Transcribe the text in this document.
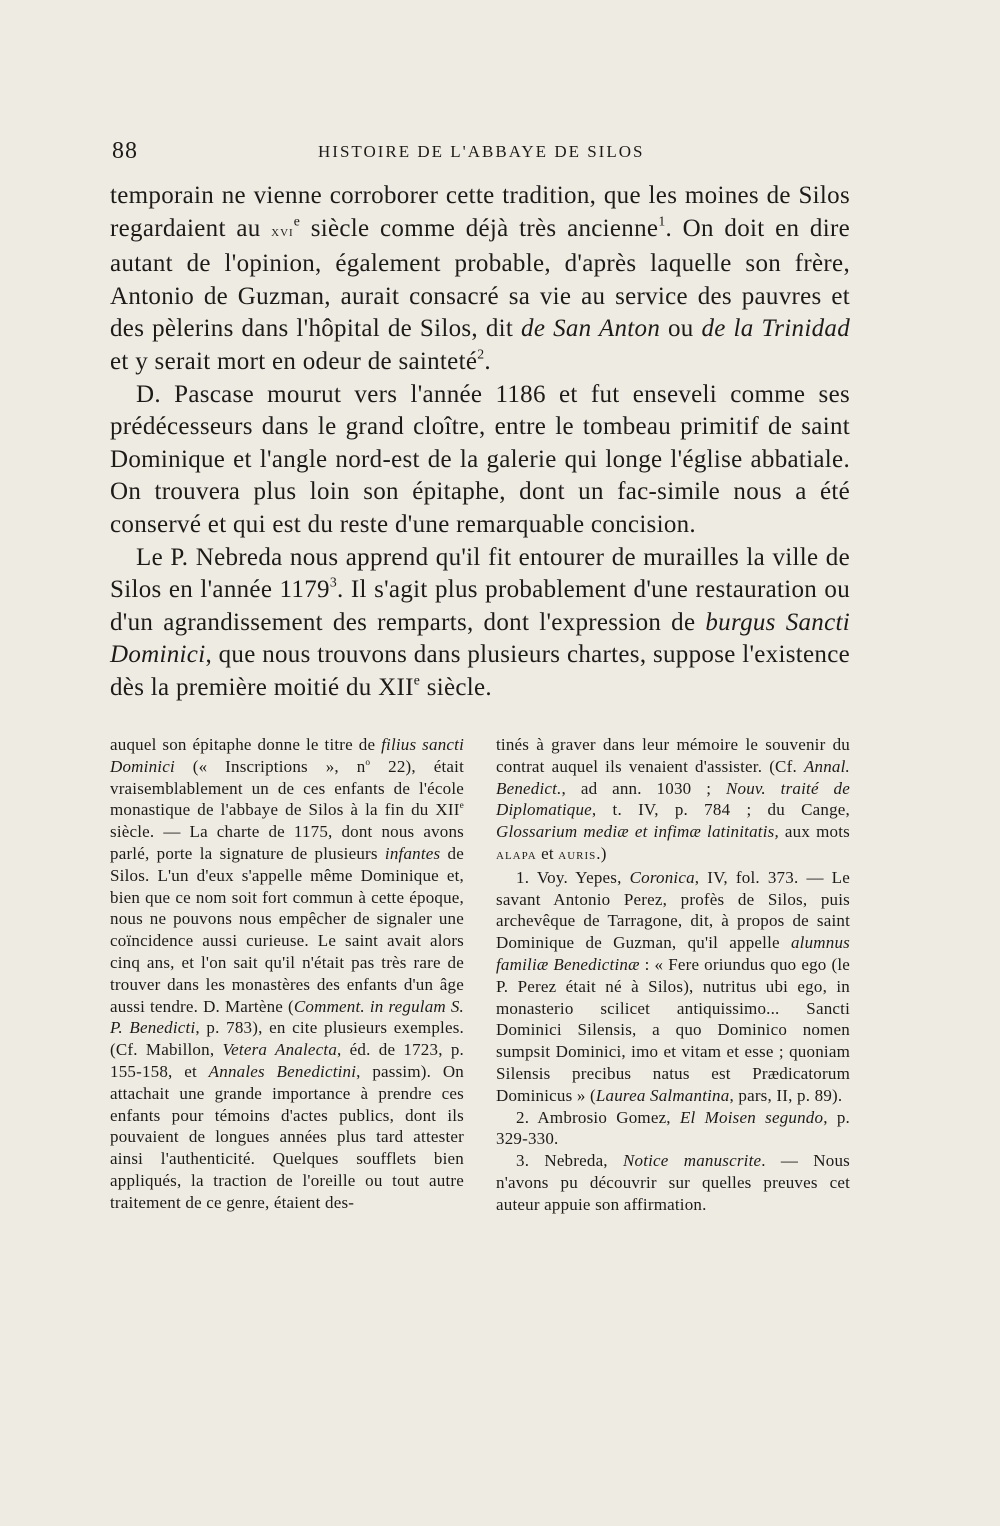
88	HISTOIRE DE L'ABBAYE DE SILOS

temporain ne vienne corroborer cette tradition, que les moines de Silos regardaient au xvi$^e$ siècle comme déjà très ancienne$^1$. On doit en dire autant de l'opinion, également probable, d'après laquelle son frère, Antonio de Guzman, aurait consacré sa vie au service des pauvres et des pèlerins dans l'hôpital de Silos, dit de San Anton ou de la Trinidad et y serait mort en odeur de sainteté$^2$.

D. Pascase mourut vers l'année 1186 et fut enseveli comme ses prédécesseurs dans le grand cloître, entre le tombeau primitif de saint Dominique et l'angle nord-est de la galerie qui longe l'église abbatiale. On trouvera plus loin son épitaphe, dont un fac-simile nous a été conservé et qui est du reste d'une remarquable concision.

Le P. Nebreda nous apprend qu'il fit entourer de murailles la ville de Silos en l'année 1179$^3$. Il s'agit plus probablement d'une restauration ou d'un agrandissement des remparts, dont l'expression de burgus Sancti Dominici, que nous trouvons dans plusieurs chartes, suppose l'existence dès la première moitié du XIIe siècle.

auquel son épitaphe donne le titre de filius sancti Dominici (« Inscriptions », $n^o$ 22), était vraisemblablement un de ces enfants de l'école monastique de l'abbaye de Silos à la fin du XIIe siècle. — La charte de 1175, dont nous avons parlé, porte la signature de plusieurs infantes de Silos. L'un d'eux s'appelle même Dominique et, bien que ce nom soit fort commun à cette époque, nous ne pouvons nous empêcher de signaler une coïncidence aussi curieuse. Le saint avait alors cinq ans, et l'on sait qu'il n'était pas très rare de trouver dans les monastères des enfants d'un âge aussi tendre. D. Martène (Comment. in regulam S. P. Benedicti, p. 783), en cite plusieurs exemples. (Cf. Mabillon, Vetera Analecta, éd. de 1723, p. 155-158, et Annales Benedictini, passim). On attachait une grande importance à prendre ces enfants pour témoins d'actes publics, dont ils pouvaient de longues années plus tard attester ainsi l'authenticité. Quelques soufflets bien appliqués, la traction de l'oreille ou tout autre traitement de ce genre, étaient des-

tinés à graver dans leur mémoire le souvenir du contrat auquel ils venaient d'assister. (Cf. Annal. Benedict., ad ann. 1030 ; Nouv. traité de Diplomatique, t. IV, p. 784 ; du Cange, Glossarium mediæ et infimæ latinitatis, aux mots alapa et auris.)

1. Voy. Yepes, Coronica, IV, fol. 373. — Le savant Antonio Perez, profès de Silos, puis archevêque de Tarragone, dit, à propos de saint Dominique de Guzman, qu'il appelle alumnus familiæ Benedictinæ : « Fere oriundus quo ego (le P. Perez était né à Silos), nutritus ubi ego, in monasterio scilicet antiquissimo... Sancti Dominici Silensis, a quo Dominico nomen sumpsit Dominici, imo et vitam et esse ; quoniam Silensis precibus natus est Prædicatorum Dominicus » (Laurea Salmantina, pars, II, p. 89).

2. Ambrosio Gomez, El Moisen segundo, p. 329-330.

3. Nebreda, Notice manuscrite. — Nous n'avons pu découvrir sur quelles preuves cet auteur appuie son affirmation.
